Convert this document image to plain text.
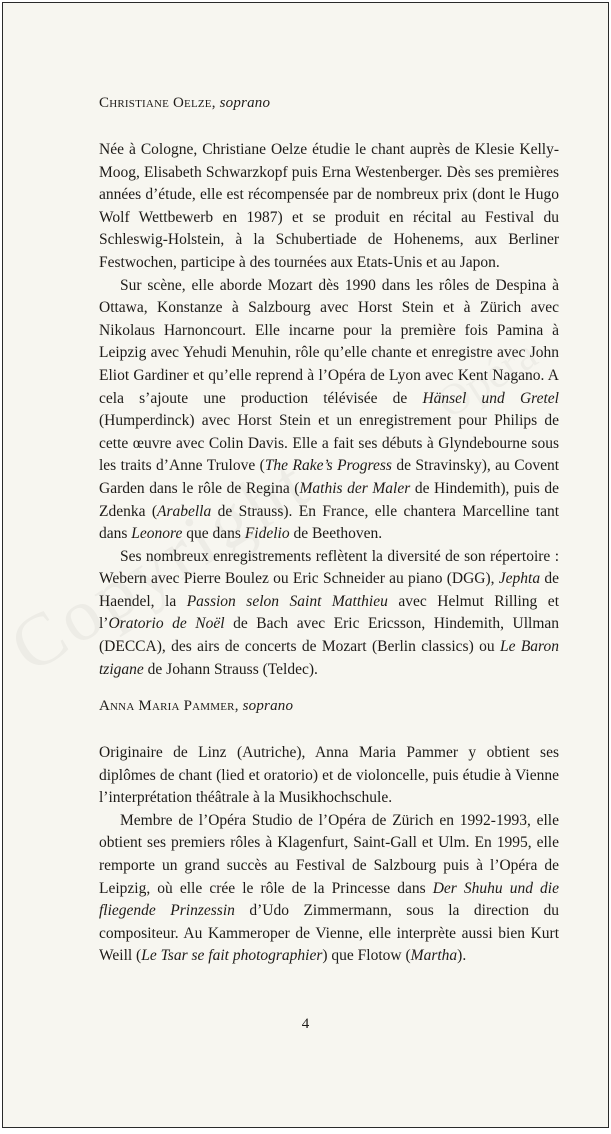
Christiane Oelze, soprano

Née à Cologne, Christiane Oelze étudie le chant auprès de Klesie Kelly-Moog, Elisabeth Schwarzkopf puis Erna Westenberger. Dès ses premières années d’étude, elle est récompensée par de nombreux prix (dont le Hugo Wolf Wettbewerb en 1987) et se produit en récital au Festival du Schleswig-Holstein, à la Schubertiade de Hohenems, aux Berliner Festwochen, participe à des tournées aux Etats-Unis et au Japon.

Sur scène, elle aborde Mozart dès 1990 dans les rôles de Despina à Ottawa, Konstanze à Salzbourg avec Horst Stein et à Zürich avec Nikolaus Harnoncourt. Elle incarne pour la première fois Pamina à Leipzig avec Yehudi Menuhin, rôle qu’elle chante et enregistre avec John Eliot Gardiner et qu’elle reprend à l’Opéra de Lyon avec Kent Nagano. A cela s’ajoute une production télévisée de Hänsel und Gretel (Humperdinck) avec Horst Stein et un enregistrement pour Philips de cette œuvre avec Colin Davis. Elle a fait ses débuts à Glyndebourne sous les traits d’Anne Trulove (The Rake’s Progress de Stravinsky), au Covent Garden dans le rôle de Regina (Mathis der Maler de Hindemith), puis de Zdenka (Arabella de Strauss). En France, elle chantera Marcelline tant dans Leonore que dans Fidelio de Beethoven.

Ses nombreux enregistrements reflètent la diversité de son répertoire : Webern avec Pierre Boulez ou Eric Schneider au piano (DGG), Jephta de Haendel, la Passion selon Saint Matthieu avec Helmut Rilling et l’Oratorio de Noël de Bach avec Eric Ericsson, Hindemith, Ullman (DECCA), des airs de concerts de Mozart (Berlin classics) ou Le Baron tzigane de Johann Strauss (Teldec).

Anna Maria Pammer, soprano

Originaire de Linz (Autriche), Anna Maria Pammer y obtient ses diplômes de chant (lied et oratorio) et de violoncelle, puis étudie à Vienne l’interprétation théâtrale à la Musikhochschule.

Membre de l’Opéra Studio de l’Opéra de Zürich en 1992-1993, elle obtient ses premiers rôles à Klagenfurt, Saint-Gall et Ulm. En 1995, elle remporte un grand succès au Festival de Salzbourg puis à l’Opéra de Leipzig, où elle crée le rôle de la Princesse dans Der Shuhu und die fliegende Prinzessin d’Udo Zimmermann, sous la direction du compositeur. Au Kammeroper de Vienne, elle interprète aussi bien Kurt Weill (Le Tsar se fait photographier) que Flotow (Martha).

4
